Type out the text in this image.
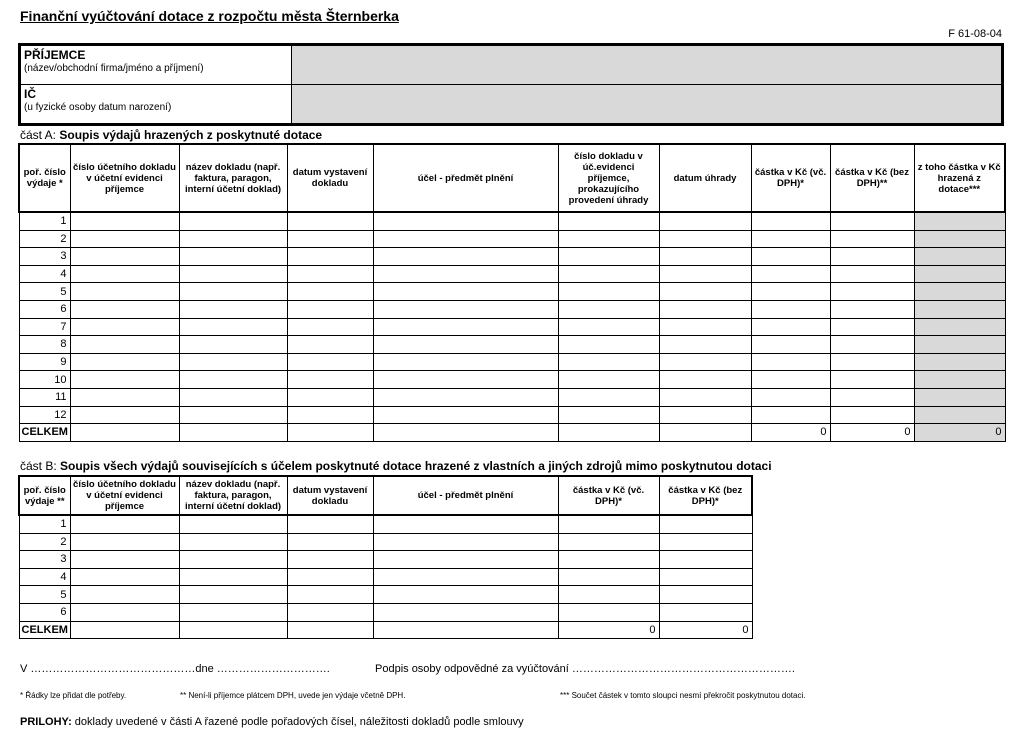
Finanční vyúčtování dotace z rozpočtu města Šternberka
F 61-08-04
PŘÍJEMCE
(název/obchodní firma/jméno a příjmení)	

IČ
(u fyzické osoby datum narození)	

část A: Soupis výdajů hrazených z poskytnuté dotace
poř. číslo výdaje *	číslo účetního dokladu v účetní evidenci příjemce	název dokladu (např. faktura, paragon, interní účetní doklad)	datum vystavení dokladu	účel - předmět plnění	číslo dokladu v úč.evidenci příjemce, prokazujícího provedení úhrady	datum úhrady	částka v Kč (vč. DPH)*	částka v Kč (bez DPH)**	z toho částka v Kč hrazená z dotace***
1									
2									
3									
4									
5									
6									
7									
8									
9									
10									
11									
12									
CELKEM							0	0	0
část B: Soupis všech výdajů souvisejících s účelem poskytnuté dotace hrazené z vlastních a jiných zdrojů mimo poskytnutou dotaci
poř. číslo výdaje **	číslo účetního dokladu v účetní evidenci příjemce	název dokladu (např. faktura, paragon, interní účetní doklad)	datum vystavení dokladu	účel - předmět plnění	částka v Kč (vč. DPH)*	částka v Kč (bez DPH)*
1						
2						
3						
4						
5						
6						
CELKEM					0	0
V ………………………………………dne ………………………….	Podpis osoby odpovědné za vyúčtování …………………………………………………….
* Řádky lze přidat dle potřeby.	** Není-li příjemce plátcem DPH, uvede jen výdaje včetně DPH.	*** Součet částek v tomto sloupci nesmí překročit poskytnutou dotaci.
PRILOHY: doklady uvedené v části A řazené podle pořadových čísel, náležitosti dokladů podle smlouvy
